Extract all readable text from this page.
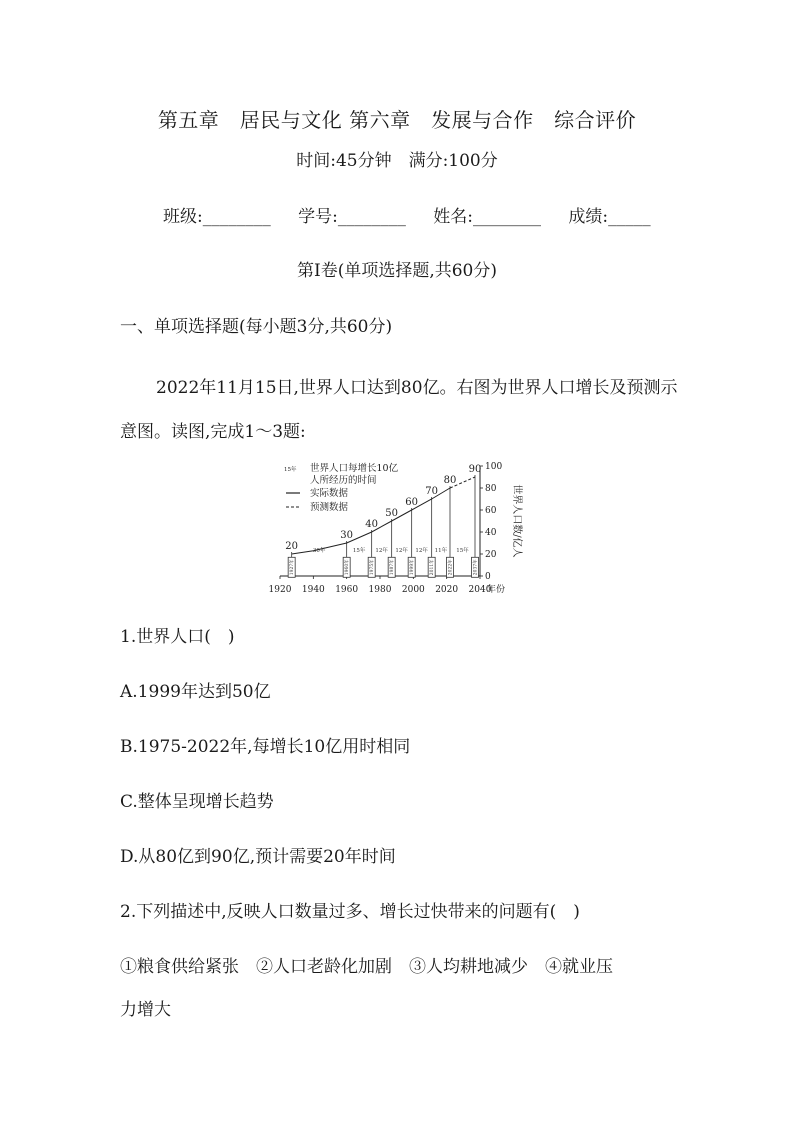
第五章　居民与文化 第六章　发展与合作　综合评价
时间:45分钟　满分:100分
班级:________ 学号:________ 姓名:________ 成绩:_____
第Ⅰ卷(单项选择题,共60分)
一、单项选择题(每小题3分,共60分)
2022年11月15日,世界人口达到80亿。右图为世界人口增长及预测示意图。读图,完成1～3题:
1920 1940 1960 1980 2000 2020 2040
年份
0
20
40
60
80
100
世界人口数/亿人
1927年
20
1960年
30
30年
1975年
40
15年
1987年
50
12年
1999年
60
12年
2011年
70
12年
2022年
80
11年
2037年
90
15年
15年 世界人口每增长10亿
人所经历的时间
实际数据
预测数据
1.世界人口(　)
A.1999年达到50亿
B.1975-2022年,每增长10亿用时相同
C.整体呈现增长趋势
D.从80亿到90亿,预计需要20年时间
2.下列描述中,反映人口数量过多、增长过快带来的问题有(　)
①粮食供给紧张　②人口老龄化加剧　③人均耕地减少　④就业压
力增大
